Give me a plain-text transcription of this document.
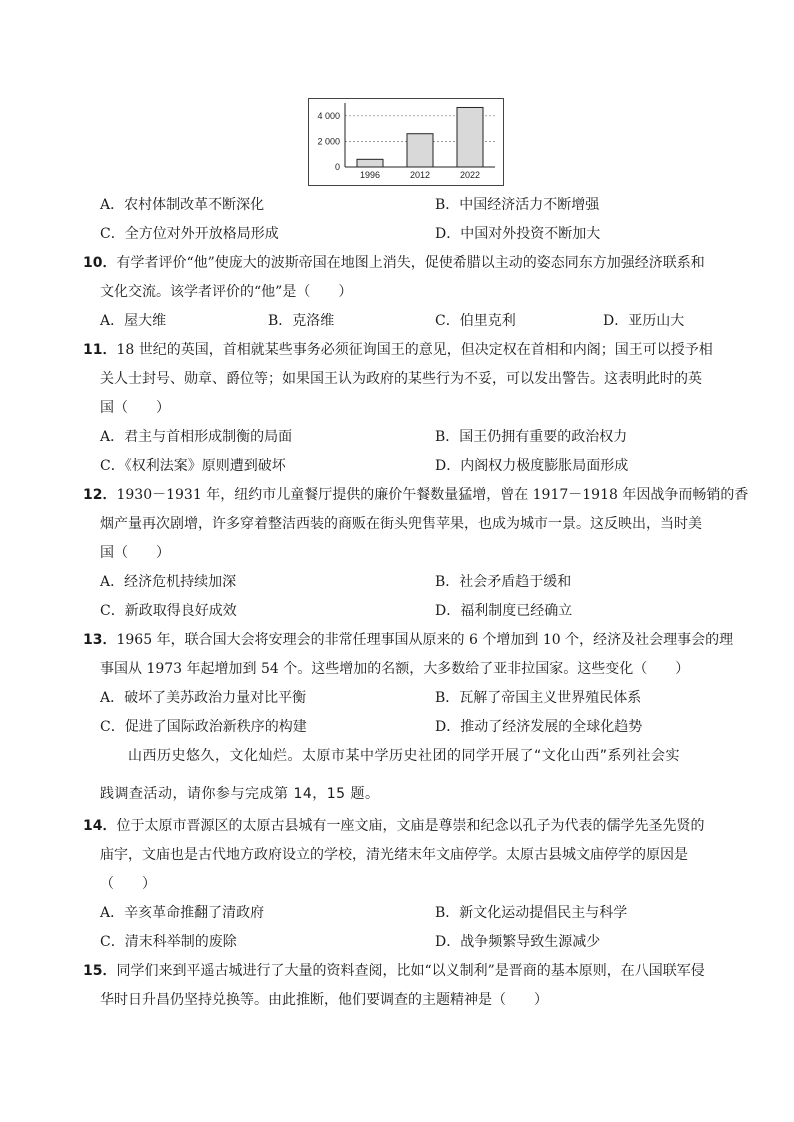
0
2 000
4 000
1996	2012	2022
A．农村体制改革不断深化	B．中国经济活力不断增强
C．全方位对外开放格局形成	D．中国对外投资不断加大
10．有学者评价“他”使庞大的波斯帝国在地图上消失，促使希腊以主动的姿态同东方加强经济联系和
文化交流。该学者评价的“他”是（　　）
A．屋大维	B．克洛维	C．伯里克利	D．亚历山大
11．18 世纪的英国，首相就某些事务必须征询国王的意见，但决定权在首相和内阁；国王可以授予相
关人士封号、勋章、爵位等；如果国王认为政府的某些行为不妥，可以发出警告。这表明此时的英
国（　　）
A．君主与首相形成制衡的局面	B．国王仍拥有重要的政治权力
C．《权利法案》原则遭到破坏	D．内阁权力极度膨胀局面形成
12．1930－1931 年，纽约市儿童餐厅提供的廉价午餐数量猛增，曾在 1917－1918 年因战争而畅销的香
烟产量再次剧增，许多穿着整洁西装的商贩在街头兜售苹果，也成为城市一景。这反映出，当时美
国（　　）
A．经济危机持续加深	B．社会矛盾趋于缓和
C．新政取得良好成效	D．福利制度已经确立
13．1965 年，联合国大会将安理会的非常任理事国从原来的 6 个增加到 10 个，经济及社会理事会的理
事国从 1973 年起增加到 54 个。这些增加的名额，大多数给了亚非拉国家。这些变化（　　）
A．破坏了美苏政治力量对比平衡	B．瓦解了帝国主义世界殖民体系
C．促进了国际政治新秩序的构建	D．推动了经济发展的全球化趋势
山西历史悠久，文化灿烂。太原市某中学历史社团的同学开展了“文化山西”系列社会实
践调查活动，请你参与完成第 14，15 题。
14．位于太原市晋源区的太原古县城有一座文庙，文庙是尊崇和纪念以孔子为代表的儒学先圣先贤的
庙宇，文庙也是古代地方政府设立的学校，清光绪末年文庙停学。太原古县城文庙停学的原因是
（　　）
A．辛亥革命推翻了清政府	B．新文化运动提倡民主与科学
C．清末科举制的废除	D．战争频繁导致生源减少
15．同学们来到平遥古城进行了大量的资料查阅，比如“以义制利”是晋商的基本原则，在八国联军侵
华时日升昌仍坚持兑换等。由此推断，他们要调查的主题精神是（　　）
